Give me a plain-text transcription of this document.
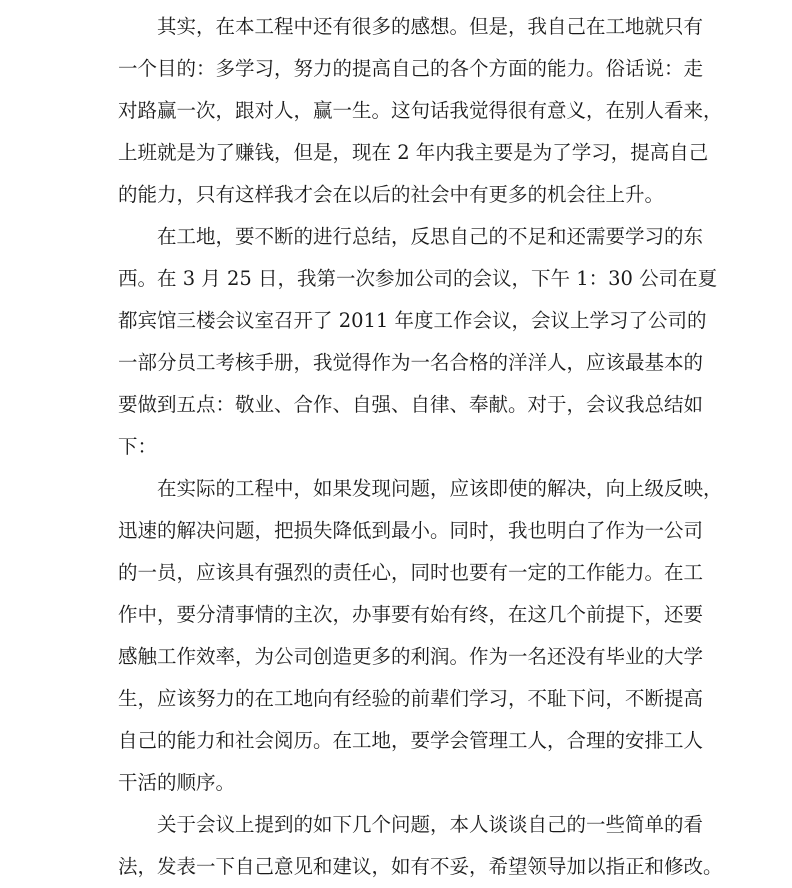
其实，在本工程中还有很多的感想。但是，我自己在工地就只有
一个目的：多学习，努力的提高自己的各个方面的能力。俗话说：走
对路赢一次，跟对人，赢一生。这句话我觉得很有意义，在别人看来，
上班就是为了赚钱，但是，现在 2 年内我主要是为了学习，提高自己
的能力，只有这样我才会在以后的社会中有更多的机会往上升。
在工地，要不断的进行总结，反思自己的不足和还需要学习的东
西。在 3 月 25 日，我第一次参加公司的会议，下午 1：30 公司在夏
都宾馆三楼会议室召开了 2011 年度工作会议，会议上学习了公司的
一部分员工考核手册，我觉得作为一名合格的洋洋人，应该最基本的
要做到五点：敬业、合作、自强、自律、奉献。对于，会议我总结如
下：
在实际的工程中，如果发现问题，应该即使的解决，向上级反映，
迅速的解决问题，把损失降低到最小。同时，我也明白了作为一公司
的一员，应该具有强烈的责任心，同时也要有一定的工作能力。在工
作中，要分清事情的主次，办事要有始有终，在这几个前提下，还要
感触工作效率，为公司创造更多的利润。作为一名还没有毕业的大学
生，应该努力的在工地向有经验的前辈们学习，不耻下问，不断提高
自己的能力和社会阅历。在工地，要学会管理工人，合理的安排工人
干活的顺序。
关于会议上提到的如下几个问题，本人谈谈自己的一些简单的看
法，发表一下自己意见和建议，如有不妥，希望领导加以指正和修改。
